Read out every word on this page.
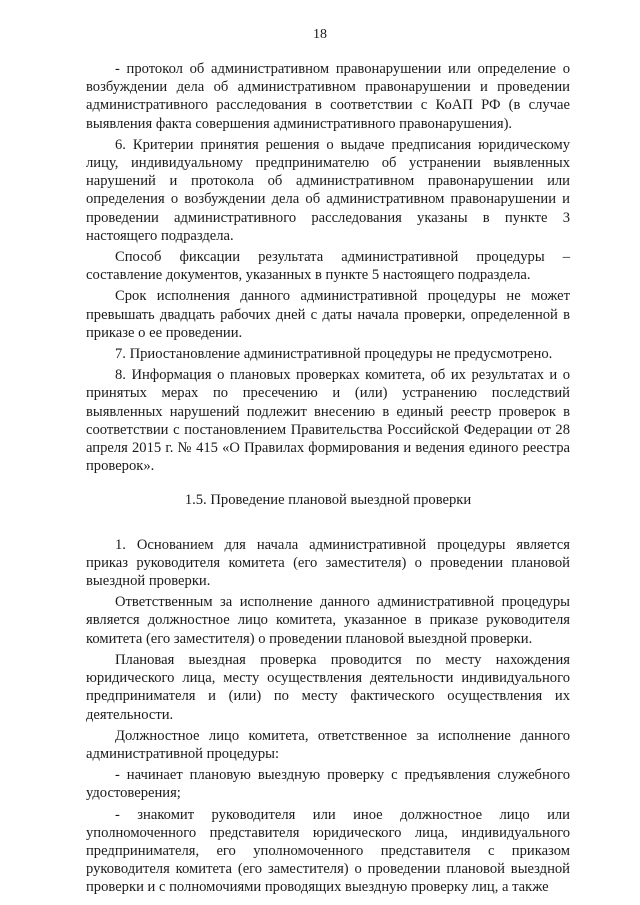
18

- протокол об административном правонарушении или определение о возбуждении дела об административном правонарушении и проведении административного расследования в соответствии с КоАП РФ (в случае выявления факта совершения административного правонарушения).

6. Критерии принятия решения о выдаче предписания юридическому лицу, индивидуальному предпринимателю об устранении выявленных нарушений и протокола об административном правонарушении или определения о возбуждении дела об административном правонарушении и проведении административного расследования указаны в пункте 3 настоящего подраздела.

Способ фиксации результата административной процедуры – составление документов, указанных в пункте 5 настоящего подраздела.

Срок исполнения данного административной процедуры не может превышать двадцать рабочих дней с даты начала проверки, определенной в приказе о ее проведении.

7. Приостановление административной процедуры не предусмотрено.

8. Информация о плановых проверках комитета, об их результатах и о принятых мерах по пресечению и (или) устранению последствий выявленных нарушений подлежит внесению в единый реестр проверок в соответствии с постановлением Правительства Российской Федерации от 28 апреля 2015 г. № 415 «О Правилах формирования и ведения единого реестра проверок».

1.5. Проведение плановой выездной проверки

1. Основанием для начала административной процедуры является приказ руководителя комитета (его заместителя) о проведении плановой выездной проверки.

Ответственным за исполнение данного административной процедуры является должностное лицо комитета, указанное в приказе руководителя комитета (его заместителя) о проведении плановой выездной проверки.

Плановая выездная проверка проводится по месту нахождения юридического лица, месту осуществления деятельности индивидуального предпринимателя и (или) по месту фактического осуществления их деятельности.

Должностное лицо комитета, ответственное за исполнение данного административной процедуры:

- начинает плановую выездную проверку с предъявления служебного удостоверения;

- знакомит руководителя или иное должностное лицо или уполномоченного представителя юридического лица, индивидуального предпринимателя, его уполномоченного представителя с приказом руководителя комитета (его заместителя) о проведении плановой выездной проверки и с полномочиями проводящих выездную проверку лиц, а также
